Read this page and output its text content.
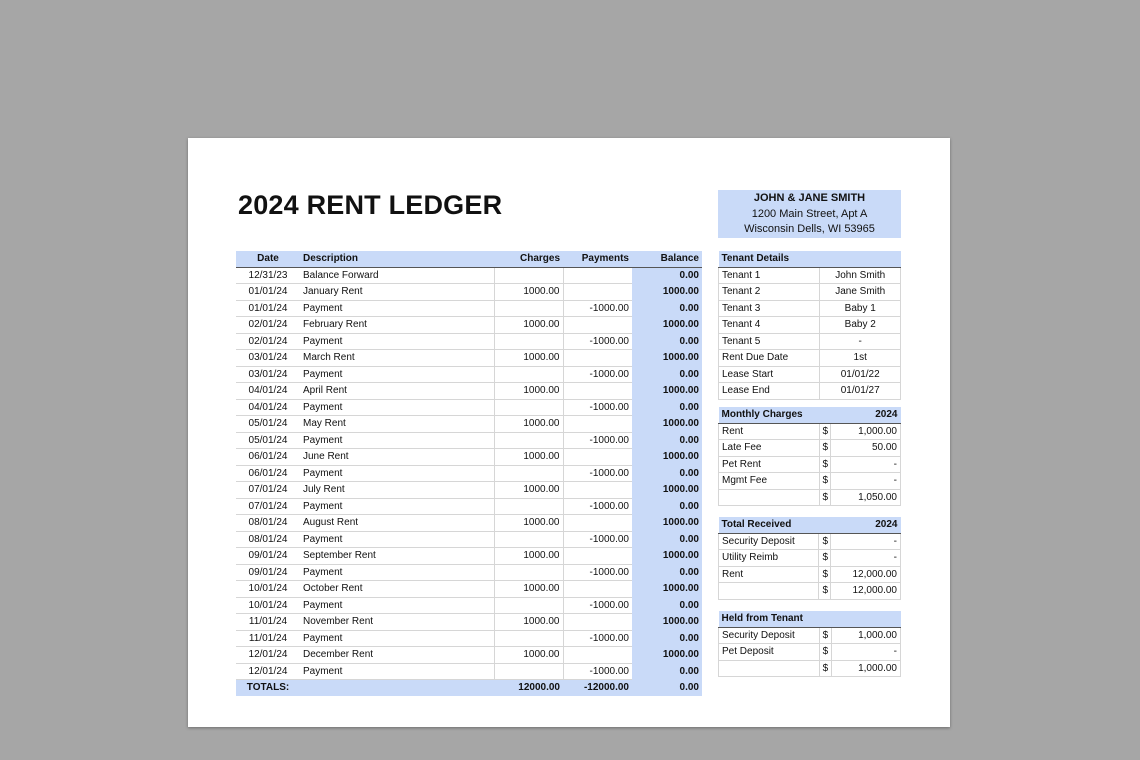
2024 RENT LEDGER	JOHN & JANE SMITH
1200 Main Street, Apt A
Wisconsin Dells, WI 53965
Date	Description	Charges	Payments	Balance
12/31/23	Balance Forward			0.00
01/01/24	January Rent	1000.00		1000.00
01/01/24	Payment		-1000.00	0.00
02/01/24	February Rent	1000.00		1000.00
02/01/24	Payment		-1000.00	0.00
03/01/24	March Rent	1000.00		1000.00
03/01/24	Payment		-1000.00	0.00
04/01/24	April Rent	1000.00		1000.00
04/01/24	Payment		-1000.00	0.00
05/01/24	May Rent	1000.00		1000.00
05/01/24	Payment		-1000.00	0.00
06/01/24	June Rent	1000.00		1000.00
06/01/24	Payment		-1000.00	0.00
07/01/24	July Rent	1000.00		1000.00
07/01/24	Payment		-1000.00	0.00
08/01/24	August Rent	1000.00		1000.00
08/01/24	Payment		-1000.00	0.00
09/01/24	September Rent	1000.00		1000.00
09/01/24	Payment		-1000.00	0.00
10/01/24	October Rent	1000.00		1000.00
10/01/24	Payment		-1000.00	0.00
11/01/24	November Rent	1000.00		1000.00
11/01/24	Payment		-1000.00	0.00
12/01/24	December Rent	1000.00		1000.00
12/01/24	Payment		-1000.00	0.00
TOTALS:		12000.00	-12000.00	0.00
Tenant Details	
Tenant 1	John Smith
Tenant 2	Jane Smith
Tenant 3	Baby 1
Tenant 4	Baby 2
Tenant 5	-
Rent Due Date	1st
Lease Start	01/01/22
Lease End	01/01/27
Monthly Charges		2024
Rent	$	1,000.00
Late Fee	$	50.00
Pet Rent	$	-
Mgmt Fee	$	-
	$	1,050.00
Total Received		2024
Security Deposit	$	-
Utility Reimb	$	-
Rent	$	12,000.00
	$	12,000.00
Held from Tenant		
Security Deposit	$	1,000.00
Pet Deposit	$	-
	$	1,000.00
